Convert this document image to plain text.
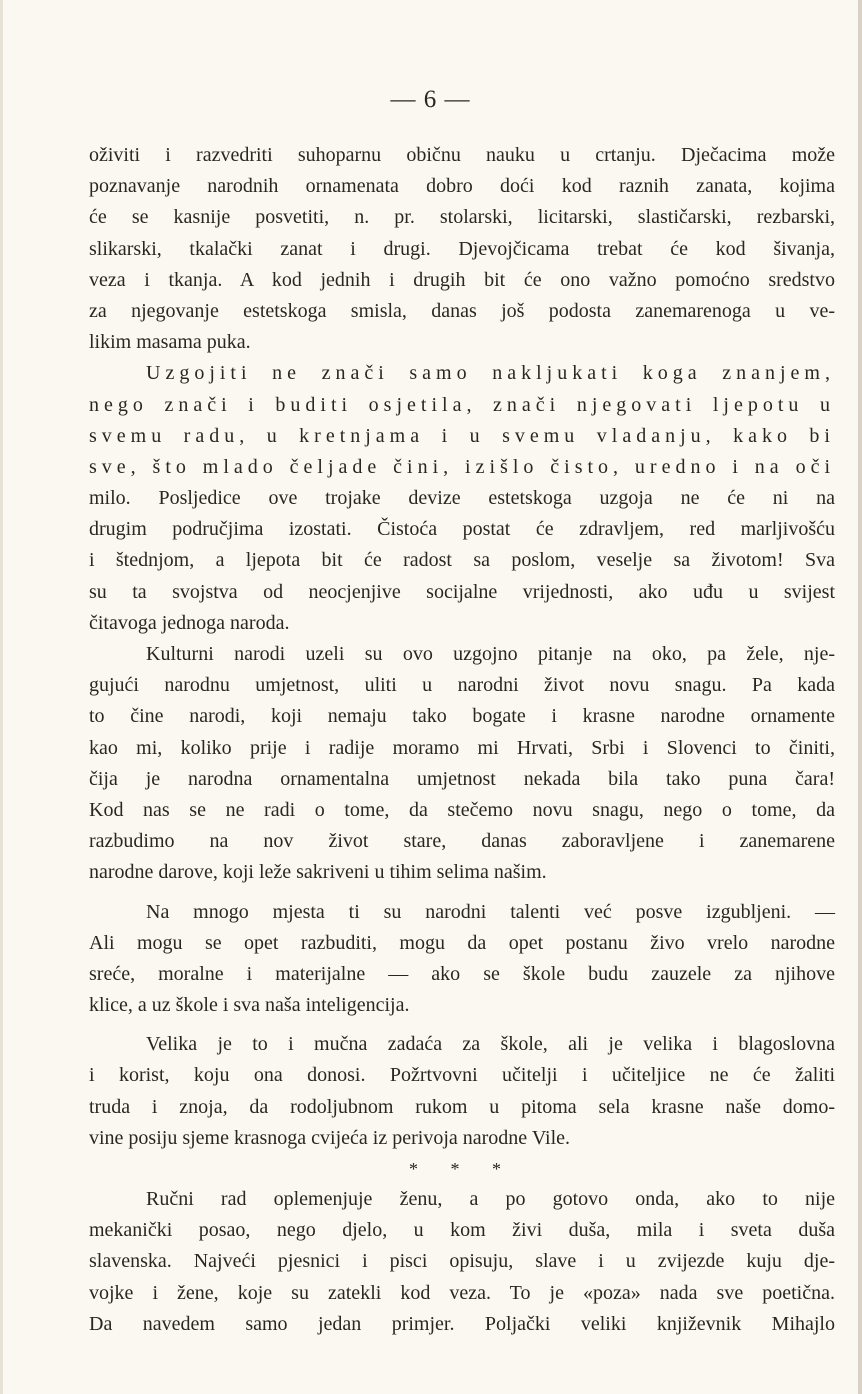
— 6 —
oživiti i razvedriti suhoparnu običnu nauku u crtanju. Dječacima može
poznavanje narodnih ornamenata dobro doći kod raznih zanata, kojima
će se kasnije posvetiti, n. pr. stolarski, licitarski, slastičarski, rezbarski,
slikarski, tkalački zanat i drugi. Djevojčicama trebat će kod šivanja,
veza i tkanja. A kod jednih i drugih bit će ono važno pomoćno sredstvo
za njegovanje estetskoga smisla, danas još podosta zanemarenoga u ve-
likim masama puka.
Uzgojiti ne znači samo nakljukati koga znanjem,
nego znači i buditi osjetila, znači njegovati ljepotu u
svemu radu, u kretnjama i u svemu vladanju, kako bi
sve, što mlado čeljade čini, izišlo čisto, uredno i na oči
milo. Posljedice ove trojake devize estetskoga uzgoja ne će ni na
drugim područjima izostati. Čistoća postat će zdravljem, red marljivošću
i štednjom, a ljepota bit će radost sa poslom, veselje sa životom! Sva
su ta svojstva od neocjenjive socijalne vrijednosti, ako uđu u svijest
čitavoga jednoga naroda.
Kulturni narodi uzeli su ovo uzgojno pitanje na oko, pa žele, nje-
gujući narodnu umjetnost, uliti u narodni život novu snagu. Pa kada
to čine narodi, koji nemaju tako bogate i krasne narodne ornamente
kao mi, koliko prije i radije moramo mi Hrvati, Srbi i Slovenci to činiti,
čija je narodna ornamentalna umjetnost nekada bila tako puna čara!
Kod nas se ne radi o tome, da stečemo novu snagu, nego o tome, da
razbudimo na nov život stare, danas zaboravljene i zanemarene
narodne darove, koji leže sakriveni u tihim selima našim.
Na mnogo mjesta ti su narodni talenti već posve izgubljeni. —
Ali mogu se opet razbuditi, mogu da opet postanu živo vrelo narodne
sreće, moralne i materijalne — ako se škole budu zauzele za njihove
klice, a uz škole i sva naša inteligencija.
Velika je to i mučna zadaća za škole, ali je velika i blagoslovna
i korist, koju ona donosi. Požrtvovni učitelji i učiteljice ne će žaliti
truda i znoja, da rodoljubnom rukom u pitoma sela krasne naše domo-
vine posiju sjeme krasnoga cvijeća iz perivoja narodne Vile.
* * *
Ručni rad oplemenjuje ženu, a po gotovo onda, ako to nije
mekanički posao, nego djelo, u kom živi duša, mila i sveta duša
slavenska. Najveći pjesnici i pisci opisuju, slave i u zvijezde kuju dje-
vojke i žene, koje su zatekli kod veza. To je «poza» nada sve poetična.
Da navedem samo jedan primjer. Poljački veliki književnik Mihajlo
